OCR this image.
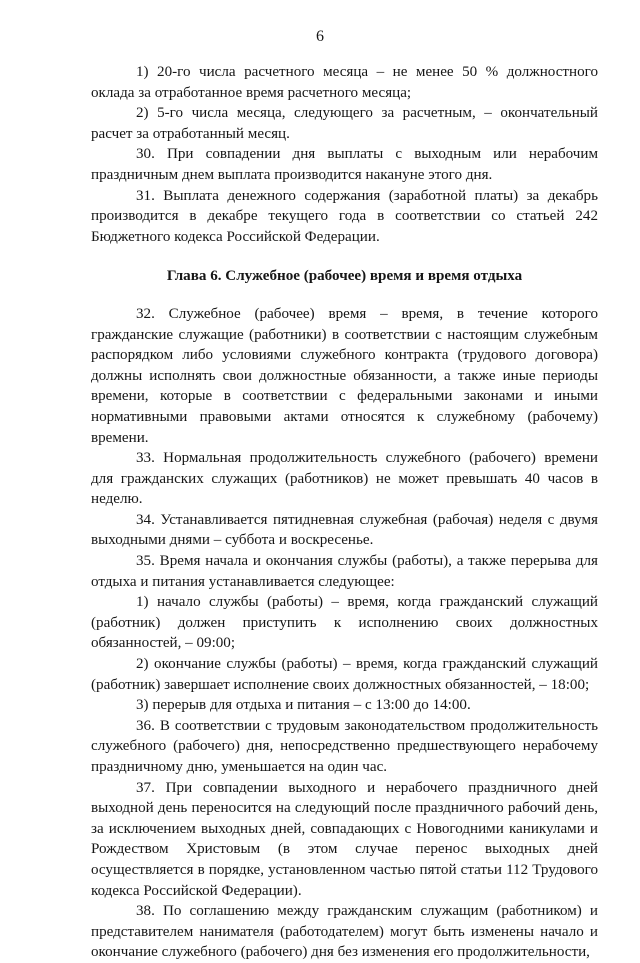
6

1) 20-го числа расчетного месяца – не менее 50 % должностного оклада за отработанное время расчетного месяца;

2) 5-го числа месяца, следующего за расчетным, – окончательный расчет за отработанный месяц.

30. При совпадении дня выплаты с выходным или нерабочим праздничным днем выплата производится накануне этого дня.

31. Выплата денежного содержания (заработной платы) за декабрь производится в декабре текущего года в соответствии со статьей 242 Бюджетного кодекса Российской Федерации.

Глава 6. Служебное (рабочее) время и время отдыха

32. Служебное (рабочее) время – время, в течение которого гражданские служащие (работники) в соответствии с настоящим служебным распорядком либо условиями служебного контракта (трудового договора) должны исполнять свои должностные обязанности, а также иные периоды времени, которые в соответствии с федеральными законами и иными нормативными правовыми актами относятся к служебному (рабочему) времени.

33. Нормальная продолжительность служебного (рабочего) времени для гражданских служащих (работников) не может превышать 40 часов в неделю.

34. Устанавливается пятидневная служебная (рабочая) неделя с двумя выходными днями – суббота и воскресенье.

35. Время начала и окончания службы (работы), а также перерыва для отдыха и питания устанавливается следующее:

1) начало службы (работы) – время, когда гражданский служащий (работник) должен приступить к исполнению своих должностных обязанностей, – 09:00;

2) окончание службы (работы) – время, когда гражданский служащий (работник) завершает исполнение своих должностных обязанностей, – 18:00;

3) перерыв для отдыха и питания – с 13:00 до 14:00.

36. В соответствии с трудовым законодательством продолжительность служебного (рабочего) дня, непосредственно предшествующего нерабочему праздничному дню, уменьшается на один час.

37. При совпадении выходного и нерабочего праздничного дней выходной день переносится на следующий после праздничного рабочий день, за исключением выходных дней, совпадающих с Новогодними каникулами и Рождеством Христовым (в этом случае перенос выходных дней осуществляется в порядке, установленном частью пятой статьи 112 Трудового кодекса Российской Федерации).

38. По соглашению между гражданским служащим (работником) и представителем нанимателя (работодателем) могут быть изменены начало и окончание служебного (рабочего) дня без изменения его продолжительности,
